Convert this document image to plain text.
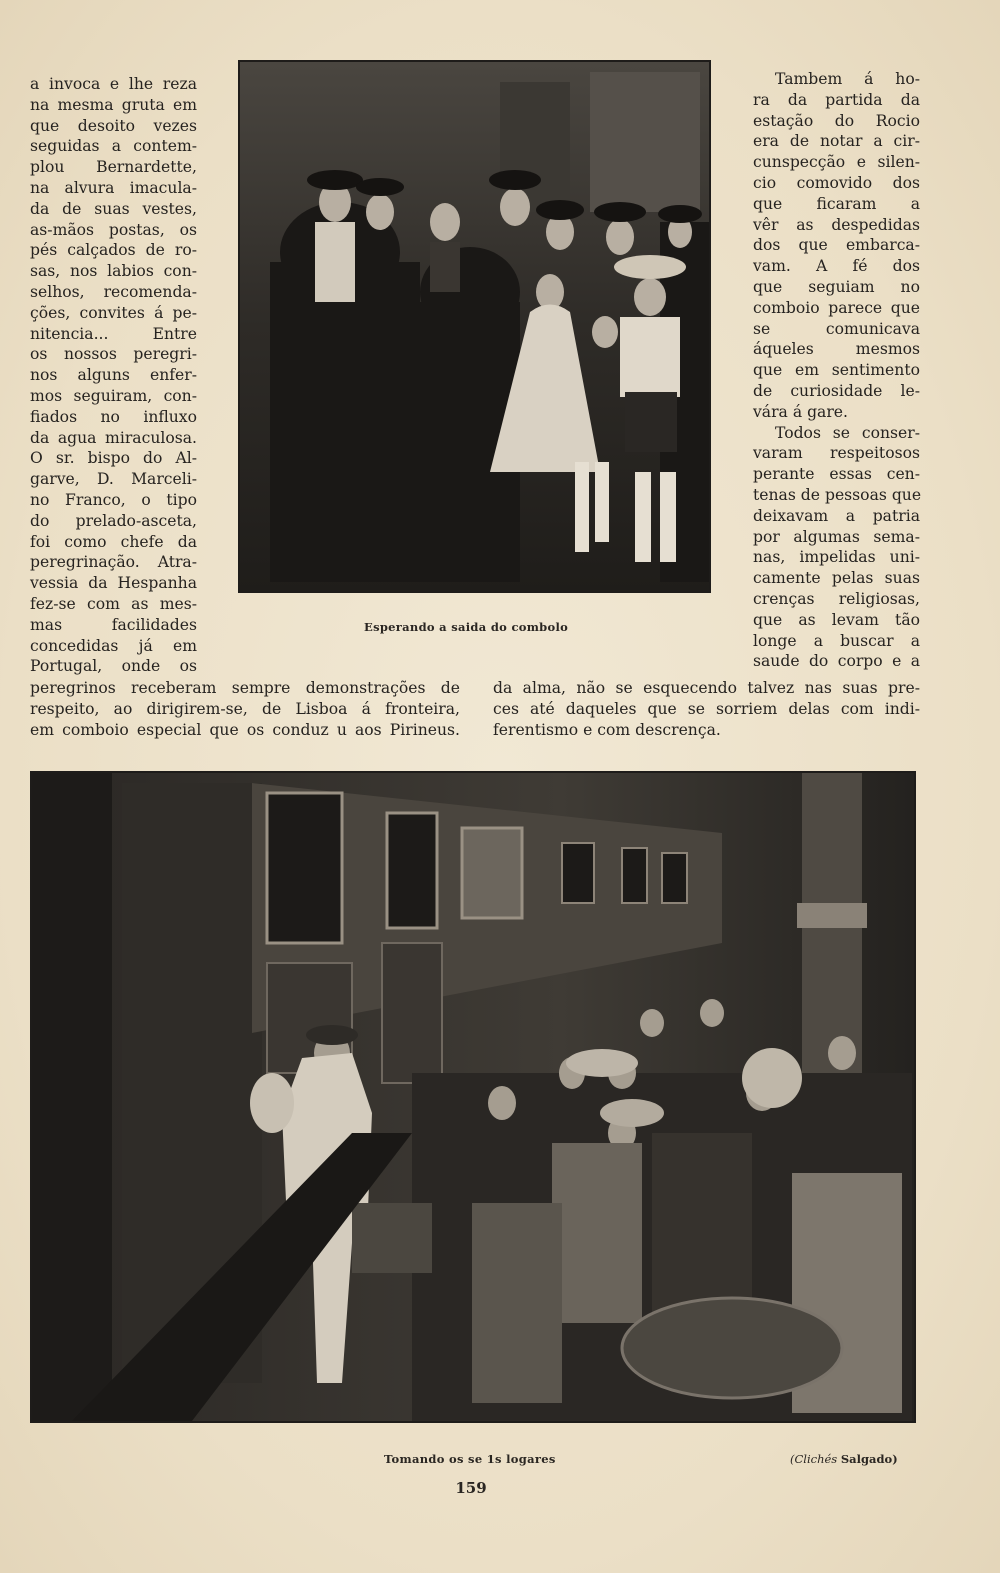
a invoca e lhe reza
na mesma gruta em
que desoito vezes
seguidas a contem-
plou Bernardette,
na alvura imacula-
da de suas vestes,
as-mãos postas, os
pés calçados de ro-
sas, nos labios con-
selhos, recomenda-
ções, convites á pe-
nitencia... Entre
os nossos peregri-
nos alguns enfer-
mos seguiram, con-
fiados no influxo
da agua miraculosa.
O sr. bispo do Al-
garve, D. Marceli-
no Franco, o tipo
do prelado-asceta,
foi como chefe da
peregrinação. Atra-
vessia da Hespanha
fez-se com as mes-
mas facilidades
concedidas já em
Portugal, onde os
Tambem á ho-
ra da partida da
estação do Rocio
era de notar a cir-
cunspecção e silen-
cio comovido dos
que ficaram a
vêr as despedidas
dos que embarca-
vam. A fé dos
que seguiam no
comboio parece que
se comunicava
áqueles mesmos
que em sentimento
de curiosidade le-
vára á gare.
Todos se conser-
varam respeitosos
perante essas cen-
tenas de pessoas que
deixavam a patria
por algumas sema-
nas, impelidas uni-
camente pelas suas
crenças religiosas,
que as levam tão
longe a buscar a
saude do corpo e a
peregrinos receberam sempre demonstrações de
respeito, ao dirigirem-se, de Lisboa á fronteira,
em comboio especial que os conduz u aos Pirineus.
da alma, não se esquecendo talvez nas suas pre-
ces até daqueles que se sorriem delas com indi-
ferentismo e com descrença.
Esperando a saida do combolo
Tomando os se 1s logares	(Clichés Salgado)
159
